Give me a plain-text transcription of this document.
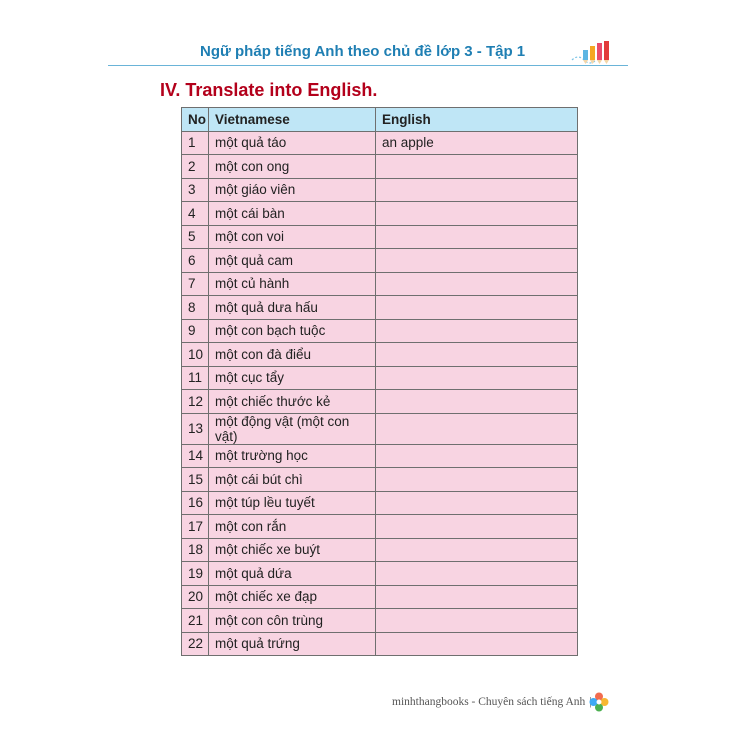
Ngữ pháp tiếng Anh theo chủ đề lớp 3 - Tập 1
IV. Translate into English.
No	Vietnamese	English
1	một quả táo	an apple
2	một con ong	
3	một giáo viên	
4	một cái bàn	
5	một con voi	
6	một quả cam	
7	một củ hành	
8	một quả dưa hấu	
9	một con bạch tuộc	
10	một con đà điểu	
11	một cục tẩy	
12	một chiếc thước kẻ	
13	một động vật (một con vật)	
14	một trường học	
15	một cái bút chì	
16	một túp lều tuyết	
17	một con rắn	
18	một chiếc xe buýt	
19	một quả dứa	
20	một chiếc xe đạp	
21	một con côn trùng	
22	một quả trứng	
minhthangbooks - Chuyên sách tiếng Anh
